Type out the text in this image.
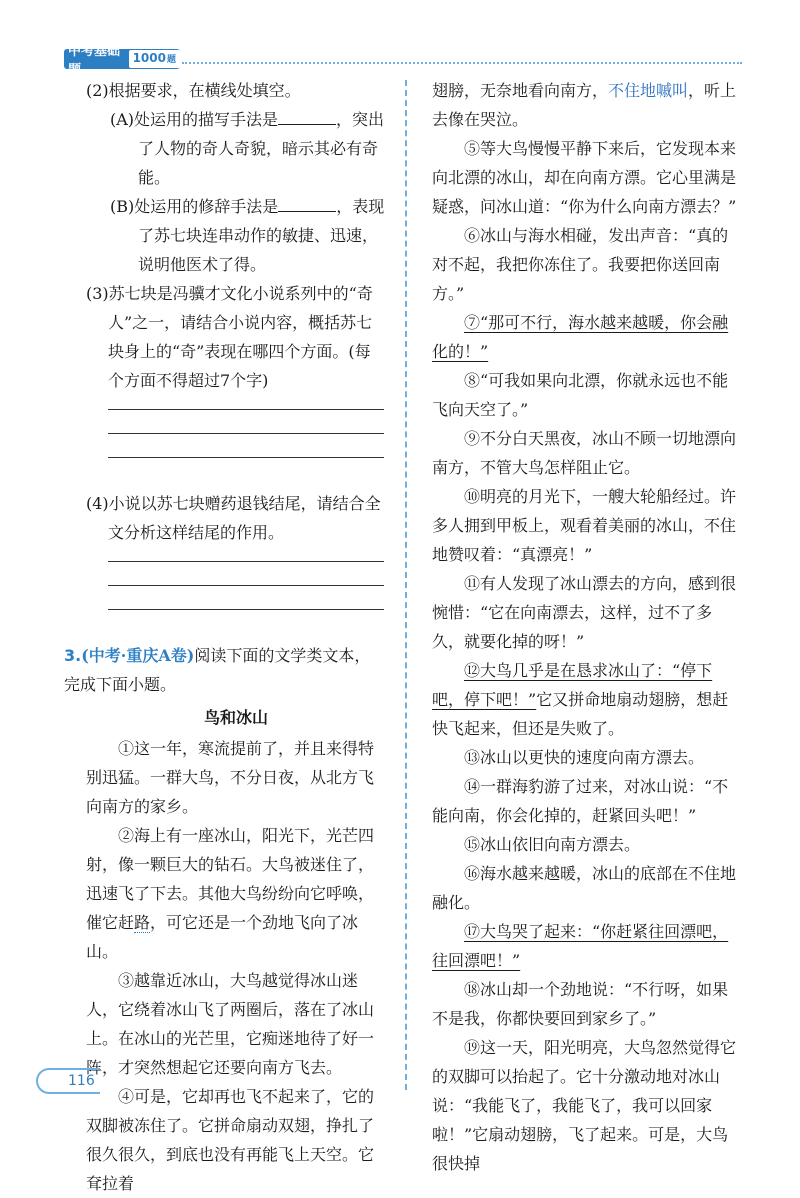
中考基础题
1000 题

(2)根据要求，在横线处填空。

(A)处运用的描写手法是	，突出了人物的奇人奇貌，暗示其必有奇能。

(B)处运用的修辞手法是	，表现了苏七块连串动作的敏捷、迅速，说明他医术了得。

(3)苏七块是冯骥才文化小说系列中的“奇人”之一，请结合小说内容，概括苏七块身上的“奇”表现在哪四个方面。(每个方面不得超过7个字)

(4)小说以苏七块赠药退钱结尾，请结合全文分析这样结尾的作用。

3.(中考·重庆A卷)阅读下面的文学类文本，完成下面小题。

鸟和冰山

①这一年，寒流提前了，并且来得特别迅猛。一群大鸟，不分日夜，从北方飞向南方的家乡。

②海上有一座冰山，阳光下，光芒四射，像一颗巨大的钻石。大鸟被迷住了，迅速飞了下去。其他大鸟纷纷向它呼唤，催它赶路，可它还是一个劲地飞向了冰山。

③越靠近冰山，大鸟越觉得冰山迷人，它绕着冰山飞了两圈后，落在了冰山上。在冰山的光芒里，它痴迷地待了好一阵，才突然想起它还要向南方飞去。

④可是，它却再也飞不起来了，它的双脚被冻住了。它拼命扇动双翅，挣扎了很久很久，到底也没有再能飞上天空。它耷拉着

翅膀，无奈地看向南方，不住地嘁叫，听上去像在哭泣。

⑤等大鸟慢慢平静下来后，它发现本来向北漂的冰山，却在向南方漂。它心里满是疑惑，问冰山道：“你为什么向南方漂去？”

⑥冰山与海水相碰，发出声音：“真的对不起，我把你冻住了。我要把你送回南方。”

⑦“那可不行，海水越来越暖，你会融化的！”

⑧“可我如果向北漂，你就永远也不能飞向天空了。”

⑨不分白天黑夜，冰山不顾一切地漂向南方，不管大鸟怎样阻止它。

⑩明亮的月光下，一艘大轮船经过。许多人拥到甲板上，观看着美丽的冰山，不住地赞叹着：“真漂亮！”

⑪有人发现了冰山漂去的方向，感到很惋惜：“它在向南漂去，这样，过不了多久，就要化掉的呀！”

⑫大鸟几乎是在恳求冰山了：“停下吧，停下吧！”它又拼命地扇动翅膀，想赶快飞起来，但还是失败了。

⑬冰山以更快的速度向南方漂去。

⑭一群海豹游了过来，对冰山说：“不能向南，你会化掉的，赶紧回头吧！”

⑮冰山依旧向南方漂去。

⑯海水越来越暖，冰山的底部在不住地融化。

⑰大鸟哭了起来：“你赶紧往回漂吧，往回漂吧！”

⑱冰山却一个劲地说：“不行呀，如果不是我，你都快要回到家乡了。”

⑲这一天，阳光明亮，大鸟忽然觉得它的双脚可以抬起了。它十分激动地对冰山说：“我能飞了，我能飞了，我可以回家啦！”它扇动翅膀，飞了起来。可是，大鸟很快掉

116
